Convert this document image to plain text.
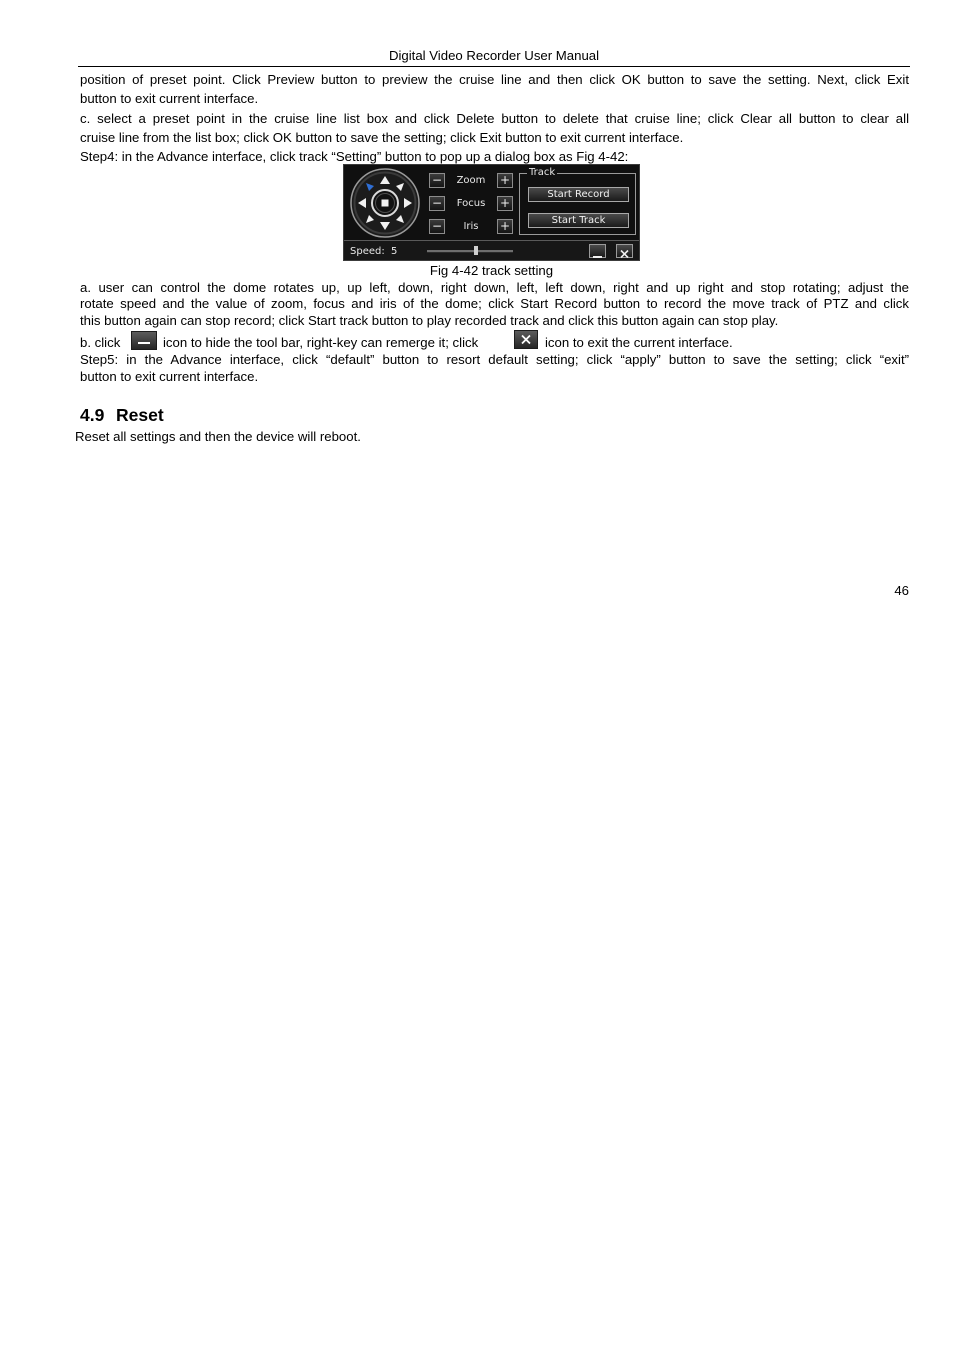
Digital Video Recorder User Manual
position of preset point. Click Preview button to preview the cruise line and then click OK button to save the setting. Next, click Exit
button to exit current interface.
c. select a preset point in the cruise line list box and click Delete button to delete that cruise line; click Clear all button to clear all
cruise line from the list box; click OK button to save the setting; click Exit button to exit current interface.
Step4: in the Advance interface, click track “Setting” button to pop up a dialog box as Fig 4-42:
−	Zoom	+
−	Focus	+
−	Iris	+
Track
Start Record
Start Track
Speed: 5
Fig 4-42 track setting
a. user can control the dome rotates up, up left, down, right down, left, left down, right and up right and stop rotating; adjust the
rotate speed and the value of zoom, focus and iris of the dome; click Start Record button to record the move track of PTZ and click
this button again can stop record; click Start track button to play recorded track and click this button again can stop play.
b. click	icon to hide the tool bar, right-key can remerge it; click	icon to exit the current interface.
Step5: in the Advance interface, click “default” button to resort default setting; click “apply” button to save the setting; click “exit”
button to exit current interface.
4.9 Reset
Reset all settings and then the device will reboot.
46
